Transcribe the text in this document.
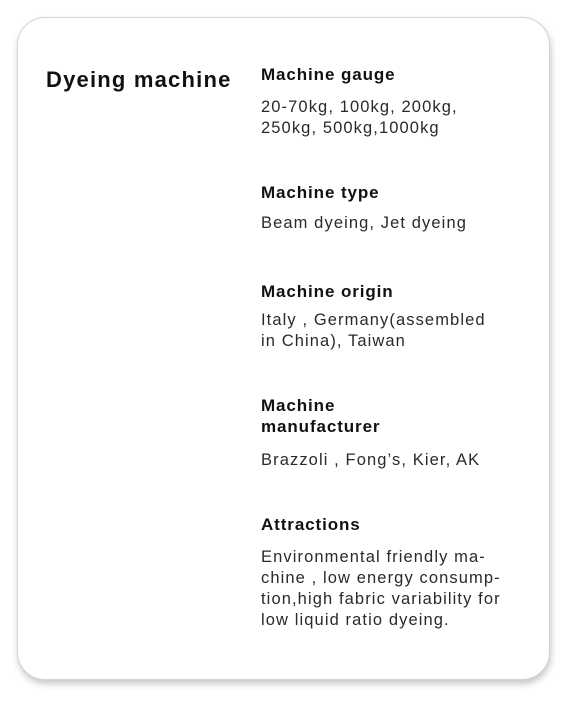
Dyeing machine	Machine gauge

20-70kg, 100kg, 200kg,
250kg, 500kg,1000kg

Machine type

Beam dyeing, Jet dyeing

Machine origin

Italy , Germany(assembled
in China), Taiwan

Machine
manufacturer

Brazzoli , Fong’s, Kier, AK

Attractions

Environmental friendly ma-
chine , low energy consump-
tion,high fabric variability for
low liquid ratio dyeing.
